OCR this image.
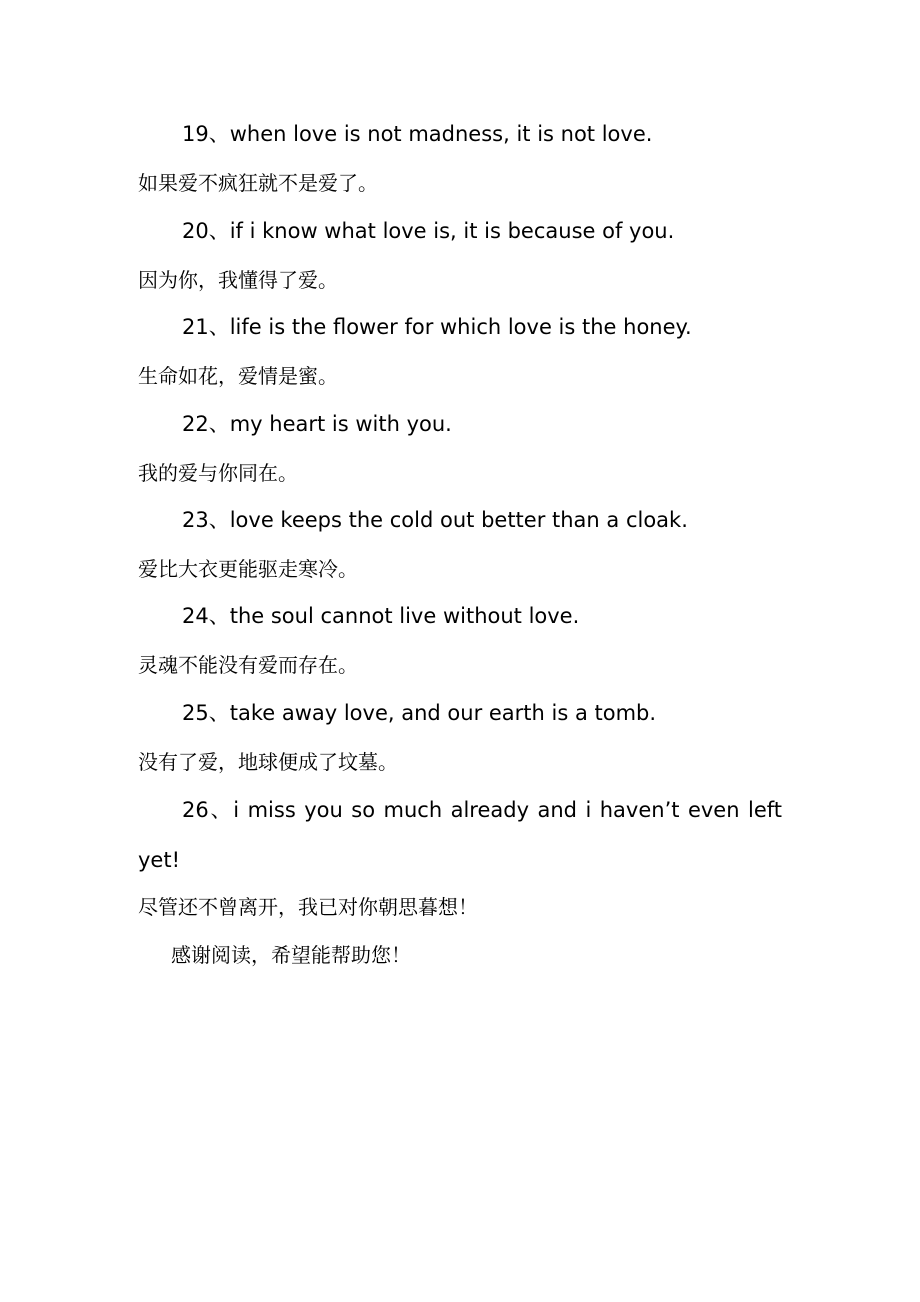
19、when love is not madness, it is not love.
如果爱不疯狂就不是爱了。
20、if i know what love is, it is because of you.
因为你，我懂得了爱。
21、life is the flower for which love is the honey.
生命如花，爱情是蜜。
22、my heart is with you.
我的爱与你同在。
23、love keeps the cold out better than a cloak.
爱比大衣更能驱走寒冷。
24、the soul cannot live without love.
灵魂不能没有爱而存在。
25、take away love, and our earth is a tomb.
没有了爱，地球便成了坟墓。
26、i miss you so much already and i haven’t even left
yet!
尽管还不曾离开，我已对你朝思暮想！
感谢阅读，希望能帮助您！
